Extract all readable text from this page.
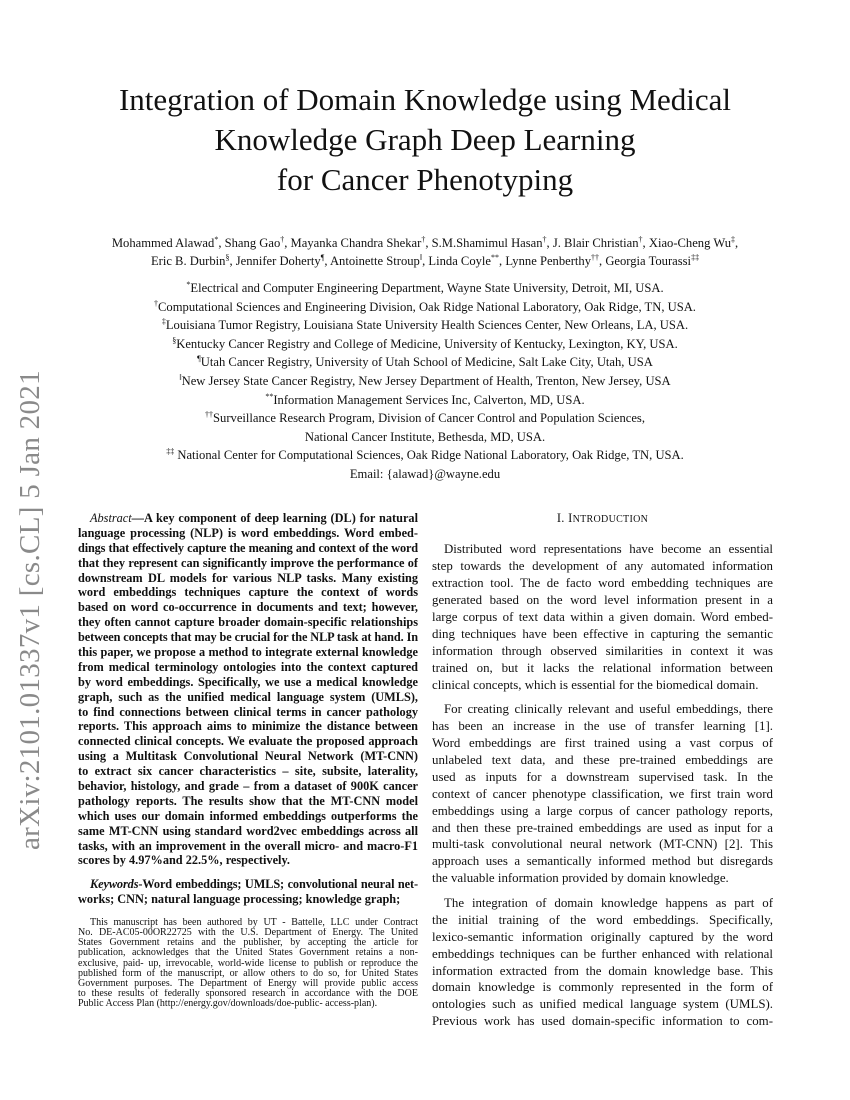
arXiv:2101.01337v1 [cs.CL] 5 Jan 2021
Integration of Domain Knowledge using Medical
Knowledge Graph Deep Learning
for Cancer Phenotyping
Mohammed Alawad*, Shang Gao†, Mayanka Chandra Shekar†, S.M.Shamimul Hasan†, J. Blair Christian†, Xiao-Cheng Wu‡,
Eric B. Durbin§, Jennifer Doherty¶, Antoinette Stroup‖, Linda Coyle**, Lynne Penberthy††, Georgia Tourassi‡‡
*Electrical and Computer Engineering Department, Wayne State University, Detroit, MI, USA.
†Computational Sciences and Engineering Division, Oak Ridge National Laboratory, Oak Ridge, TN, USA.
‡Louisiana Tumor Registry, Louisiana State University Health Sciences Center, New Orleans, LA, USA.
§Kentucky Cancer Registry and College of Medicine, University of Kentucky, Lexington, KY, USA.
¶Utah Cancer Registry, University of Utah School of Medicine, Salt Lake City, Utah, USA
‖New Jersey State Cancer Registry, New Jersey Department of Health, Trenton, New Jersey, USA
**Information Management Services Inc, Calverton, MD, USA.
††Surveillance Research Program, Division of Cancer Control and Population Sciences,
National Cancer Institute, Bethesda, MD, USA.
‡‡ National Center for Computational Sciences, Oak Ridge National Laboratory, Oak Ridge, TN, USA.
Email: {alawad}@wayne.edu
Abstract—A key component of deep learning (DL) for natural
language processing (NLP) is word embeddings. Word embed-
dings that effectively capture the meaning and context of the word
that they represent can significantly improve the performance of
downstream DL models for various NLP tasks. Many existing
word embeddings techniques capture the context of words
based on word co-occurrence in documents and text; however,
they often cannot capture broader domain-specific relationships
between concepts that may be crucial for the NLP task at hand. In
this paper, we propose a method to integrate external knowledge
from medical terminology ontologies into the context captured
by word embeddings. Specifically, we use a medical knowledge
graph, such as the unified medical language system (UMLS),
to find connections between clinical terms in cancer pathology
reports. This approach aims to minimize the distance between
connected clinical concepts. We evaluate the proposed approach
using a Multitask Convolutional Neural Network (MT-CNN)
to extract six cancer characteristics – site, subsite, laterality,
behavior, histology, and grade – from a dataset of 900K cancer
pathology reports. The results show that the MT-CNN model
which uses our domain informed embeddings outperforms the
same MT-CNN using standard word2vec embeddings across all
tasks, with an improvement in the overall micro- and macro-F1
scores by 4.97%and 22.5%, respectively.
Keywords-Word embeddings; UMLS; convolutional neural net-
works; CNN; natural language processing; knowledge graph;
This manuscript has been authored by UT - Battelle, LLC under Contract
No. DE-AC05-00OR22725 with the U.S. Department of Energy. The United
States Government retains and the publisher, by accepting the article for
publication, acknowledges that the United States Government retains a non-
exclusive, paid- up, irrevocable, world-wide license to publish or reproduce the
published form of the manuscript, or allow others to do so, for United States
Government purposes. The Department of Energy will provide public access
to these results of federally sponsored research in accordance with the DOE
Public Access Plan (http://energy.gov/downloads/doe-public- access-plan).
I. INTRODUCTION
Distributed word representations have become an essential
step towards the development of any automated information
extraction tool. The de facto word embedding techniques are
generated based on the word level information present in a
large corpus of text data within a given domain. Word embed-
ding techniques have been effective in capturing the semantic
information through observed similarities in context it was
trained on, but it lacks the relational information between
clinical concepts, which is essential for the biomedical domain.
For creating clinically relevant and useful embeddings, there
has been an increase in the use of transfer learning [1].
Word embeddings are first trained using a vast corpus of
unlabeled text data, and these pre-trained embeddings are
used as inputs for a downstream supervised task. In the
context of cancer phenotype classification, we first train word
embeddings using a large corpus of cancer pathology reports,
and then these pre-trained embeddings are used as input for a
multi-task convolutional neural network (MT-CNN) [2]. This
approach uses a semantically informed method but disregards
the valuable information provided by domain knowledge.
The integration of domain knowledge happens as part of
the initial training of the word embeddings. Specifically,
lexico-semantic information originally captured by the word
embeddings techniques can be further enhanced with relational
information extracted from the domain knowledge base. This
domain knowledge is commonly represented in the form of
ontologies such as unified medical language system (UMLS).
Previous work has used domain-specific information to com-
